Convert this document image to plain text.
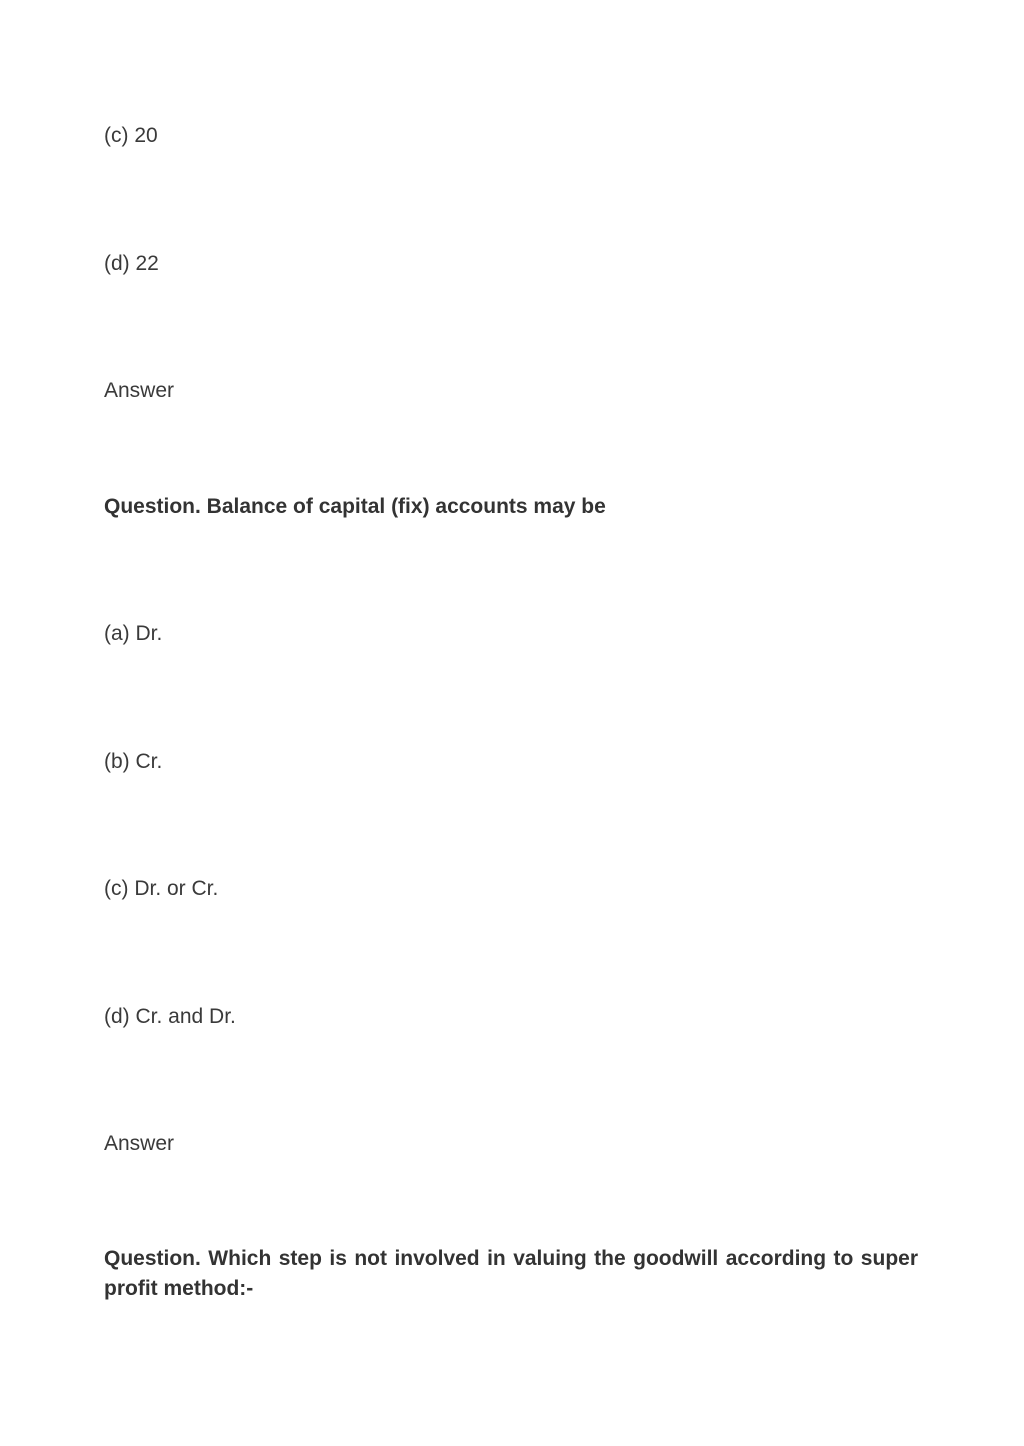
(c) 20
(d) 22
Answer
Question. Balance of capital (fix) accounts may be
(a) Dr.
(b) Cr.
(c) Dr. or Cr.
(d) Cr. and Dr.
Answer
Question. Which step is not involved in valuing the goodwill according to super profit method:-
